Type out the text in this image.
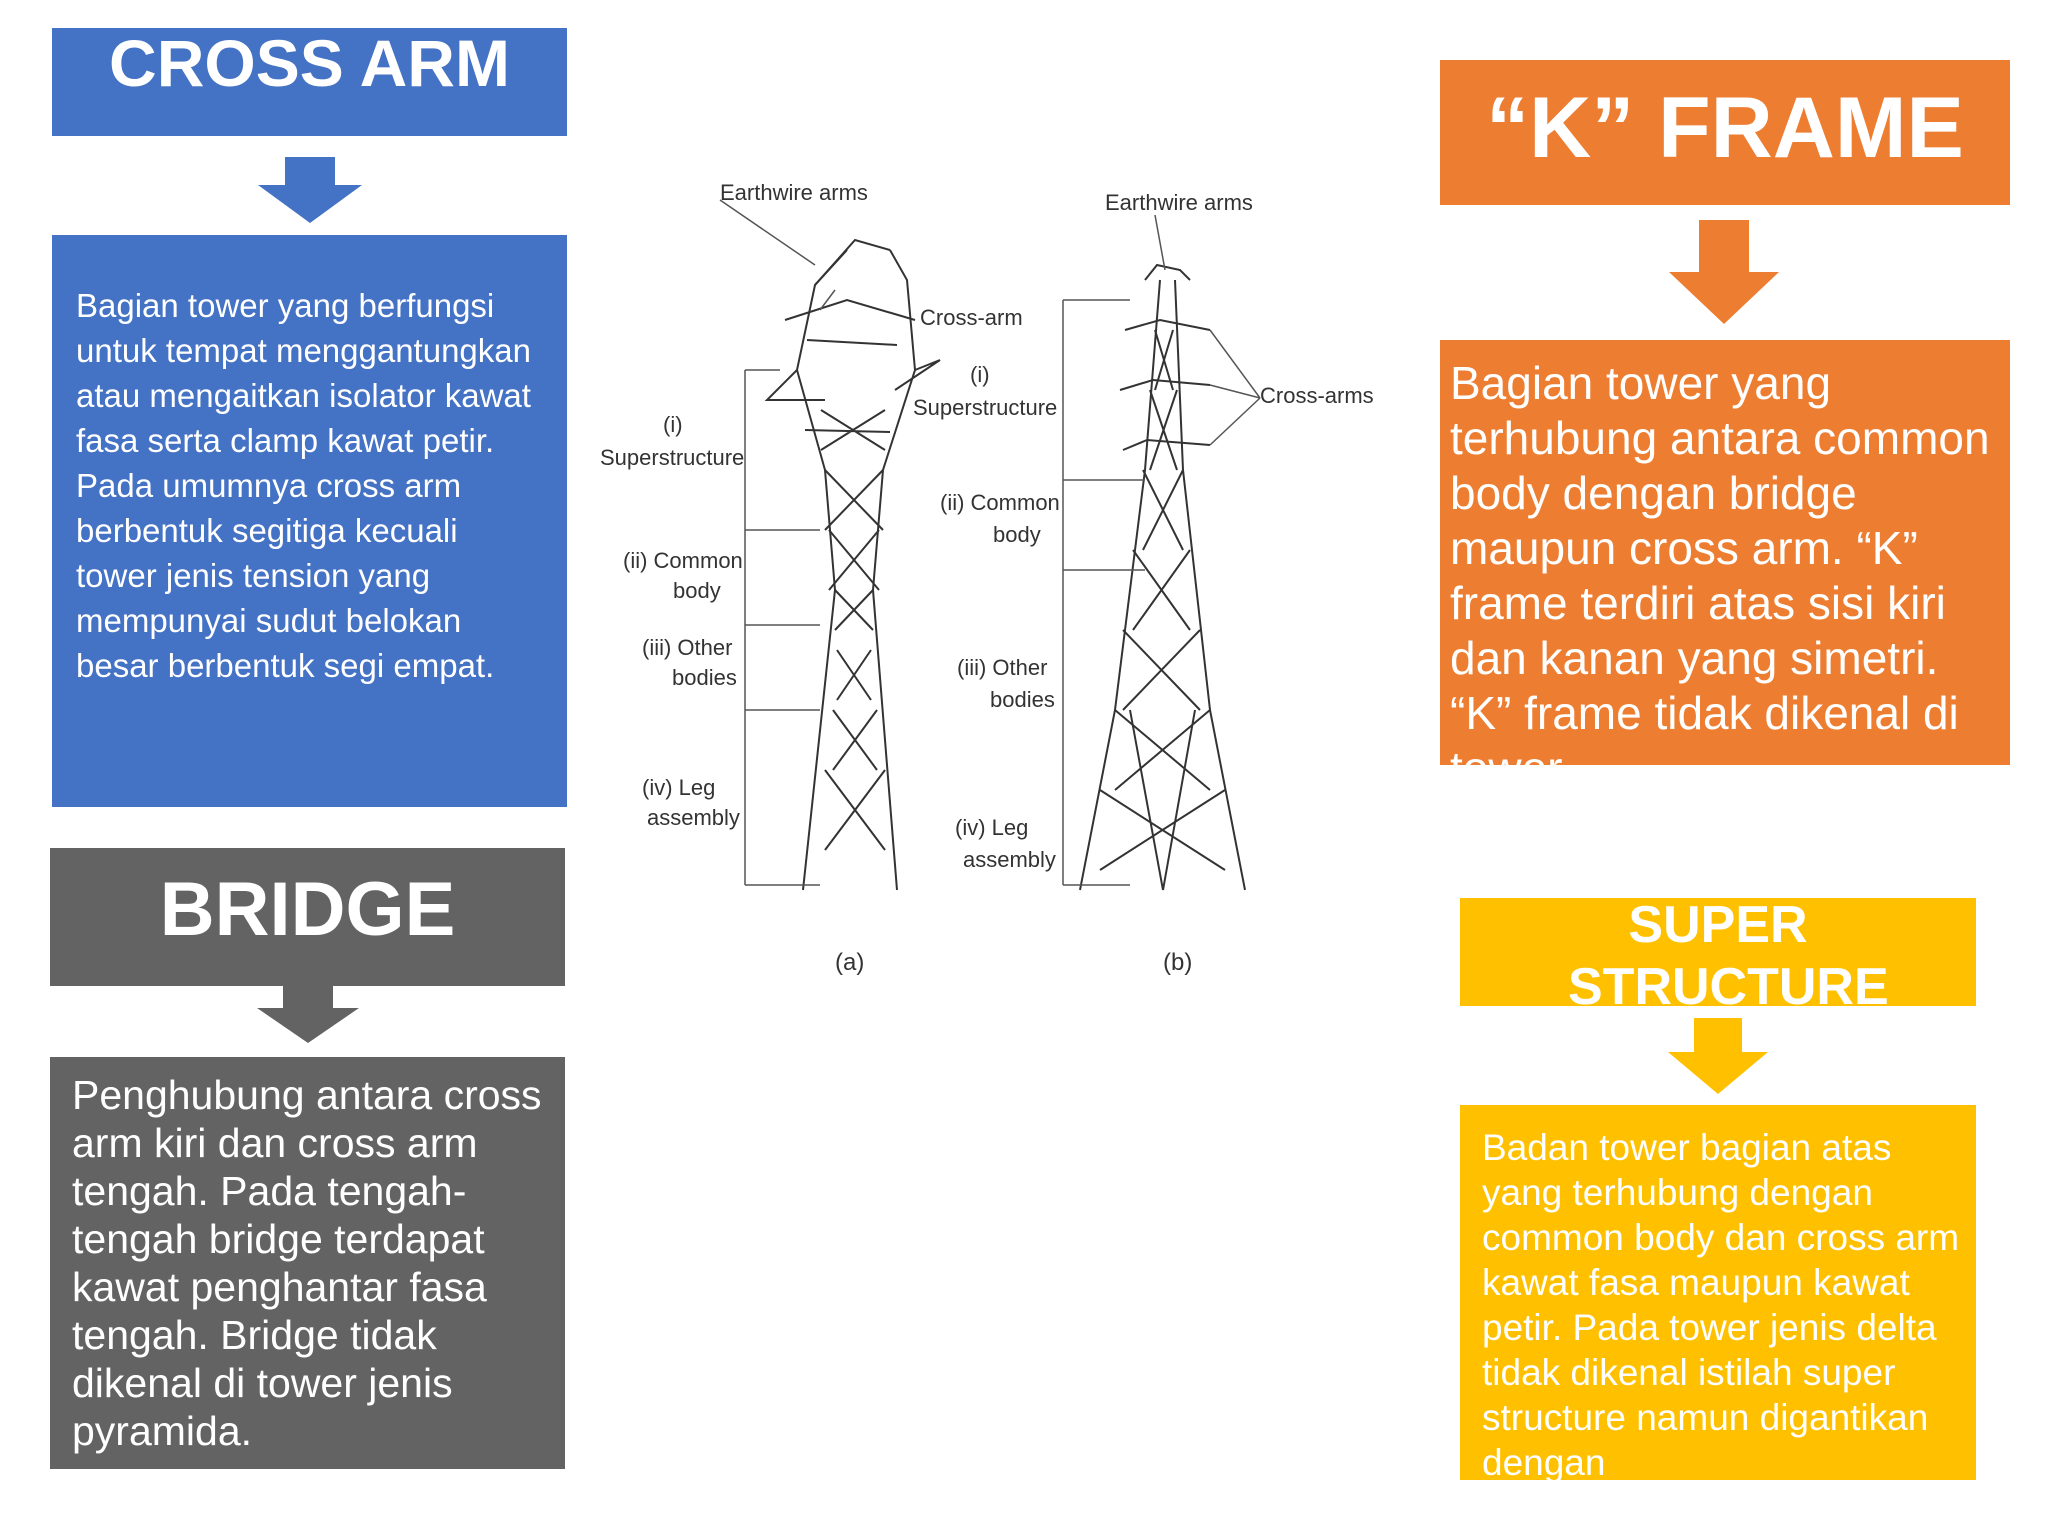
CROSS ARM

Bagian tower yang berfungsi untuk tempat menggantungkan atau mengaitkan isolator kawat fasa serta clamp kawat petir. Pada umumnya cross arm berbentuk segitiga kecuali tower jenis tension yang mempunyai sudut belokan besar berbentuk segi empat.

BRIDGE

Penghubung antara cross arm kiri dan cross arm tengah. Pada tengah-tengah bridge terdapat kawat penghantar fasa tengah. Bridge tidak dikenal di tower jenis pyramida.

“K” FRAME

Bagian tower yang terhubung antara common body dengan bridge maupun cross arm. “K” frame terdiri atas sisi kiri dan kanan yang simetri. “K” frame tidak dikenal di tower

SUPER STRUCTURE

Badan tower bagian atas yang terhubung dengan common body dan cross arm kawat fasa maupun kawat petir. Pada tower jenis delta tidak dikenal istilah super structure namun digantikan dengan

Earthwire arms
Cross-arm
(i)
Superstructure
(ii) Common
body
(iii) Other
bodies
(iv) Leg
assembly
(a)
Earthwire arms
Cross-arms
(i)
Superstructure
(ii) Common
body
(iii) Other
bodies
(iv) Leg
assembly
(b)
